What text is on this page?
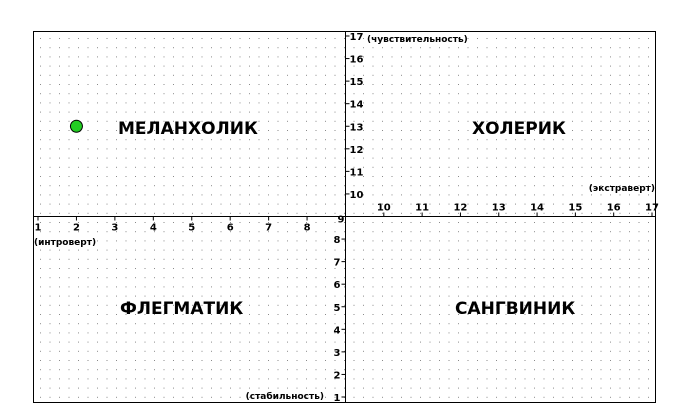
1	2	3	4	5	6	7	8
10 11 12 13 14 15 16 17
1
2
3
4
5
6
7
8
9
10
11
12
13
14
15
16
17
(интроверт)
(экстраверт)
(чувствительность)
(стабильность)
МЕЛАНХОЛИК	ХОЛЕРИК
ФЛЕГМАТИК	САНГВИНИК
